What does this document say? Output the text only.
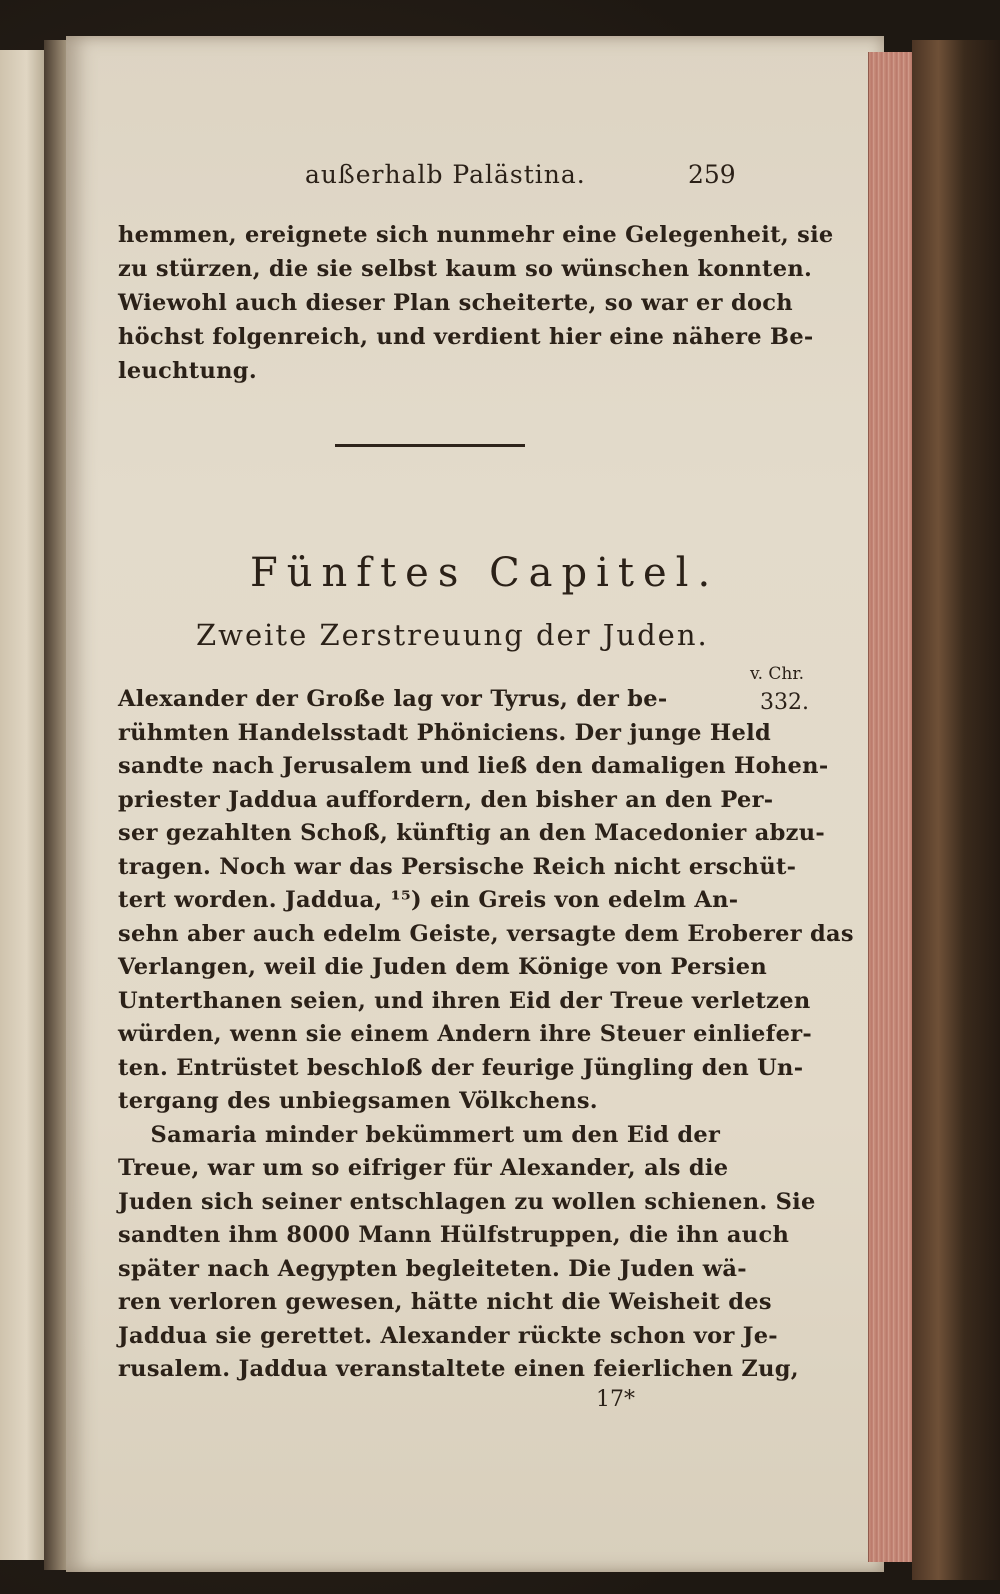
außerhalb Palästina.	259
hemmen, ereignete sich nunmehr eine Gelegenheit, sie
zu stürzen, die sie selbst kaum so wünschen konnten.
Wiewohl auch dieser Plan scheiterte, so war er doch
höchst folgenreich, und verdient hier eine nähere Be-
leuchtung.
Fünftes Capitel.
Zweite Zerstreuung der Juden.
v. Chr.
332.
Alexander der Große lag vor Tyrus, der be-
rühmten Handelsstadt Phöniciens. Der junge Held
sandte nach Jerusalem und ließ den damaligen Hohen-
priester Jaddua auffordern, den bisher an den Per-
ser gezahlten Schoß, künftig an den Macedonier abzu-
tragen. Noch war das Persische Reich nicht erschüt-
tert worden. Jaddua, ¹⁵) ein Greis von edelm An-
sehn aber auch edelm Geiste, versagte dem Eroberer das
Verlangen, weil die Juden dem Könige von Persien
Unterthanen seien, und ihren Eid der Treue verletzen
würden, wenn sie einem Andern ihre Steuer einliefer-
ten. Entrüstet beschloß der feurige Jüngling den Un-
tergang des unbiegsamen Völkchens.
Samaria minder bekümmert um den Eid der
Treue, war um so eifriger für Alexander, als die
Juden sich seiner entschlagen zu wollen schienen. Sie
sandten ihm 8000 Mann Hülfstruppen, die ihn auch
später nach Aegypten begleiteten. Die Juden wä-
ren verloren gewesen, hätte nicht die Weisheit des
Jaddua sie gerettet. Alexander rückte schon vor Je-
rusalem. Jaddua veranstaltete einen feierlichen Zug,
17*
